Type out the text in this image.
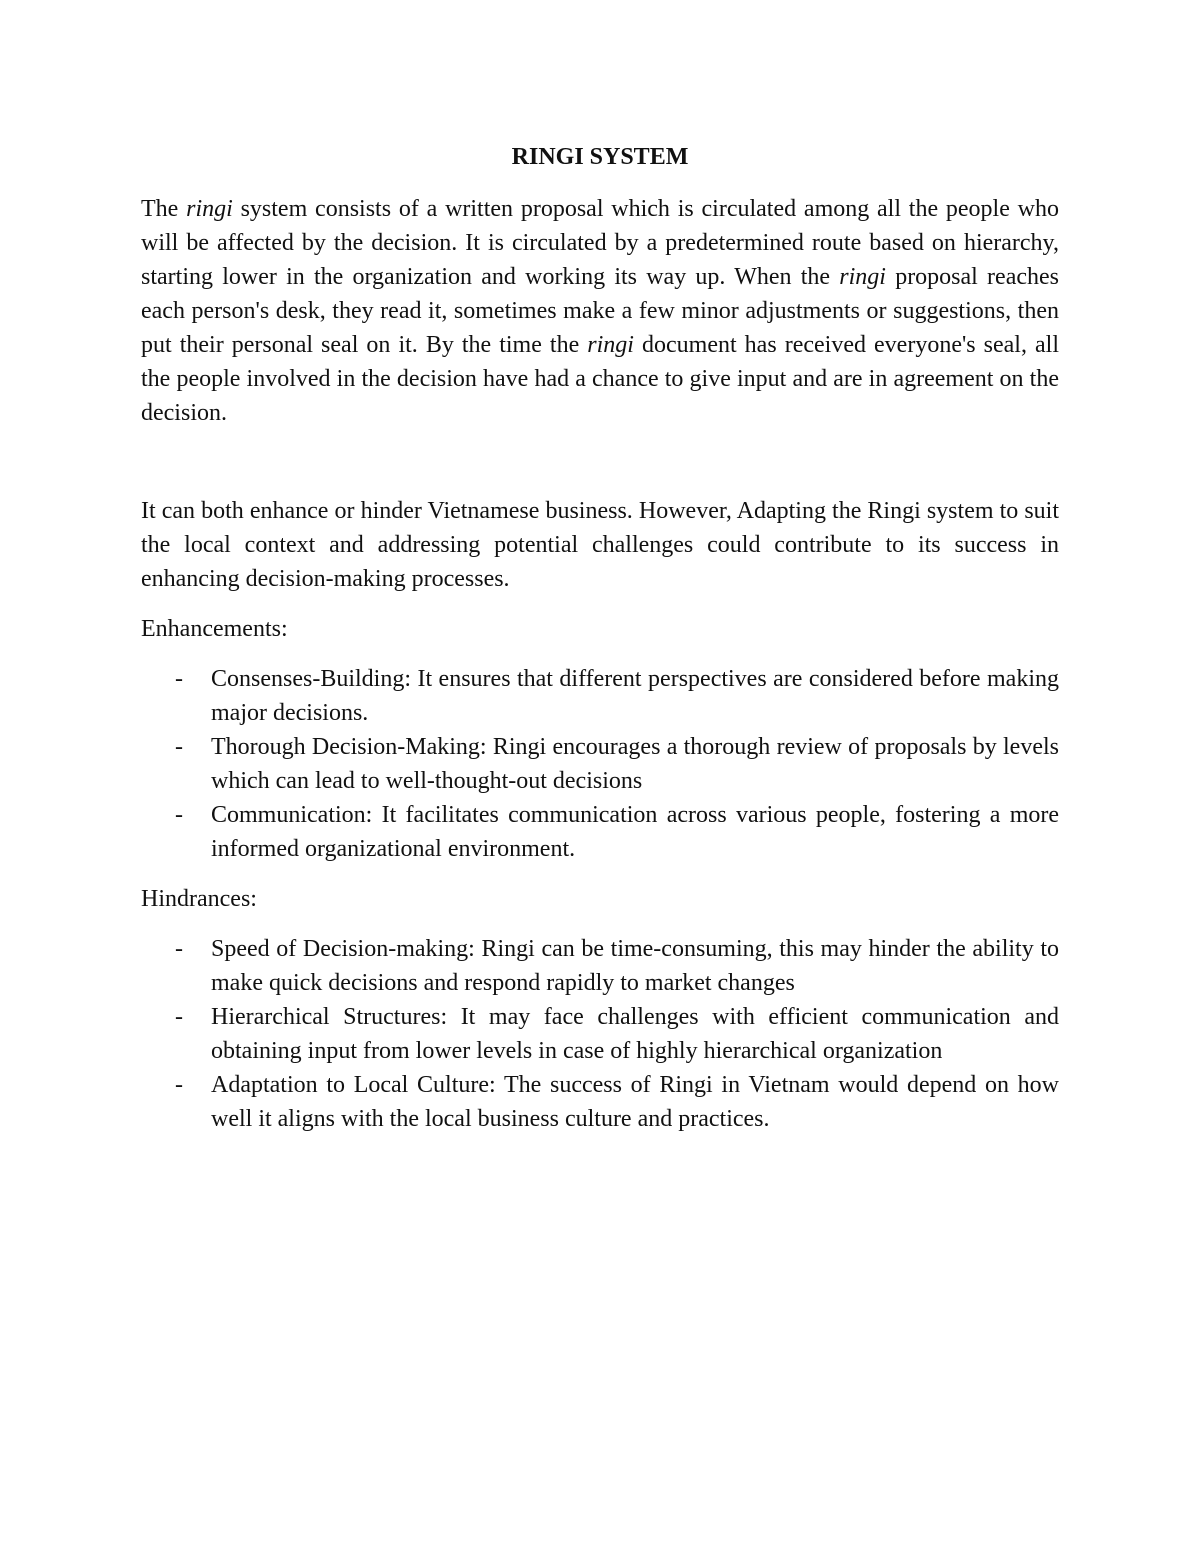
RINGI SYSTEM

The ringi system consists of a written proposal which is circulated among all the people who will be affected by the decision. It is circulated by a predetermined route based on hierarchy, starting lower in the organization and working its way up. When the ringi proposal reaches each person's desk, they read it, sometimes make a few minor adjustments or suggestions, then put their personal seal on it. By the time the ringi document has received everyone's seal, all the people involved in the decision have had a chance to give input and are in agreement on the decision.

It can both enhance or hinder Vietnamese business. However, Adapting the Ringi system to suit the local context and addressing potential challenges could contribute to its success in enhancing decision-making processes.

Enhancements:

- Consenses-Building: It ensures that different perspectives are considered before making major decisions.
- Thorough Decision-Making: Ringi encourages a thorough review of proposals by levels which can lead to well-thought-out decisions
- Communication: It facilitates communication across various people, fostering a more informed organizational environment.

Hindrances:

- Speed of Decision-making: Ringi can be time-consuming, this may hinder the ability to make quick decisions and respond rapidly to market changes
- Hierarchical Structures: It may face challenges with efficient communication and obtaining input from lower levels in case of highly hierarchical organization
- Adaptation to Local Culture: The success of Ringi in Vietnam would depend on how well it aligns with the local business culture and practices.
